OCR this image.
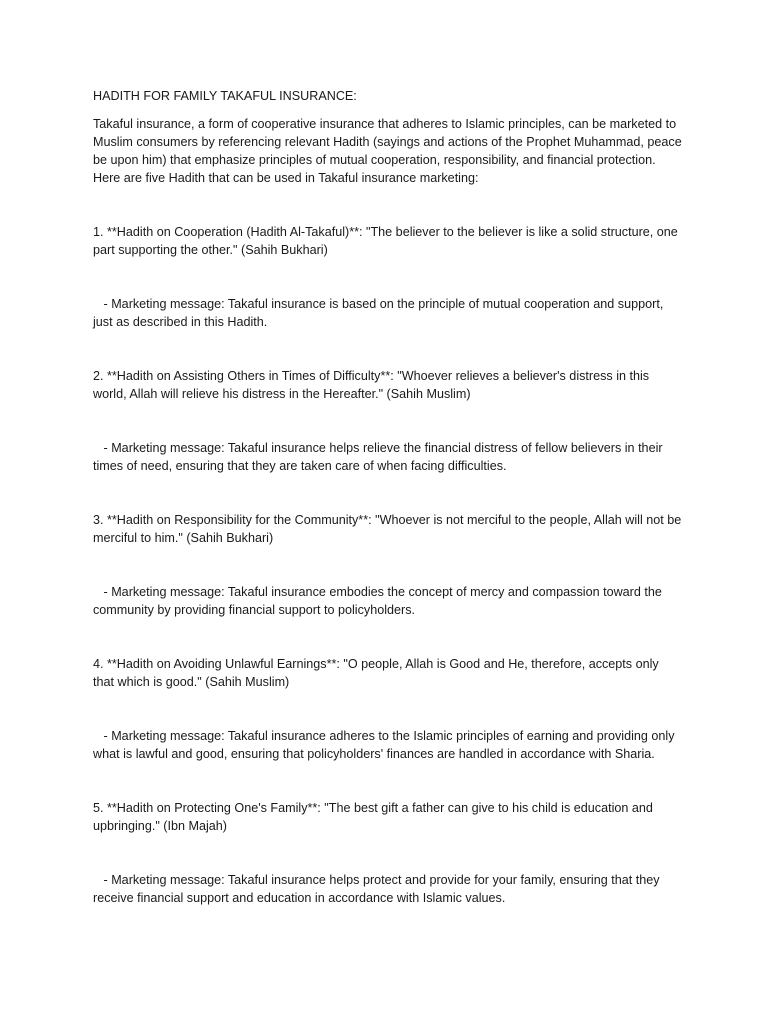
HADITH FOR FAMILY TAKAFUL INSURANCE:

Takaful insurance, a form of cooperative insurance that adheres to Islamic principles, can be marketed to Muslim consumers by referencing relevant Hadith (sayings and actions of the Prophet Muhammad, peace be upon him) that emphasize principles of mutual cooperation, responsibility, and financial protection. Here are five Hadith that can be used in Takaful insurance marketing:

1. **Hadith on Cooperation (Hadith Al-Takaful)**: "The believer to the believer is like a solid structure, one part supporting the other." (Sahih Bukhari)

- Marketing message: Takaful insurance is based on the principle of mutual cooperation and support, just as described in this Hadith.

2. **Hadith on Assisting Others in Times of Difficulty**: "Whoever relieves a believer's distress in this world, Allah will relieve his distress in the Hereafter." (Sahih Muslim)

- Marketing message: Takaful insurance helps relieve the financial distress of fellow believers in their times of need, ensuring that they are taken care of when facing difficulties.

3. **Hadith on Responsibility for the Community**: "Whoever is not merciful to the people, Allah will not be merciful to him." (Sahih Bukhari)

- Marketing message: Takaful insurance embodies the concept of mercy and compassion toward the community by providing financial support to policyholders.

4. **Hadith on Avoiding Unlawful Earnings**: "O people, Allah is Good and He, therefore, accepts only that which is good." (Sahih Muslim)

- Marketing message: Takaful insurance adheres to the Islamic principles of earning and providing only what is lawful and good, ensuring that policyholders' finances are handled in accordance with Sharia.

5. **Hadith on Protecting One's Family**: "The best gift a father can give to his child is education and upbringing." (Ibn Majah)

- Marketing message: Takaful insurance helps protect and provide for your family, ensuring that they receive financial support and education in accordance with Islamic values.
